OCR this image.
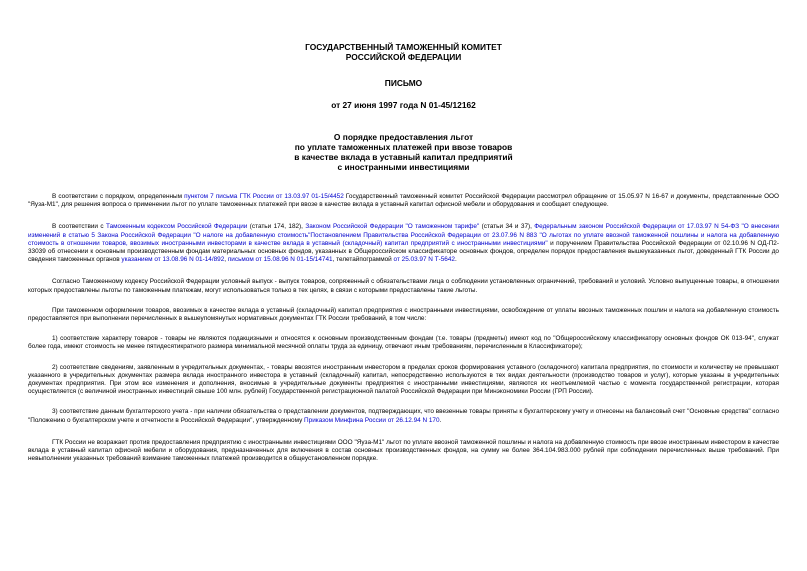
ГОСУДАРСТВЕННЫЙ ТАМОЖЕННЫЙ КОМИТЕТ
РОССИЙСКОЙ ФЕДЕРАЦИИ
ПИСЬМО
от 27 июня 1997 года N 01-45/12162
О порядке предоставления льгот
по уплате таможенных платежей при ввозе товаров
в качестве вклада в уставный капитал предприятий
с иностранными инвестициями

В соответствии с порядком, определенным пунктом 7 письма ГТК России от 13.03.97 01-15/4452 Государственный таможенный комитет Российской Федерации рассмотрел обращение от 15.05.97 N 16-67 и документы, представленные ООО "Яуза-М1", для решения вопроса о применении льгот по уплате таможенных платежей при ввозе в качестве вклада в уставный капитал офисной мебели и оборудования и сообщает следующее.

В соответствии с Таможенным кодексом Российской Федерации (статьи 174, 182), Законом Российской Федерации "О таможенном тарифе" (статьи 34 и 37), Федеральным законом Российской Федерации от 17.03.97 N 54-ФЗ "О внесении изменений в статью 5 Закона Российской Федерации "О налоге на добавленную стоимость"Постановлением Правительства Российской Федерации от 23.07.96 N 883 "О льготах по уплате ввозной таможенной пошлины и налога на добавленную стоимость в отношении товаров, ввозимых иностранными инвесторами в качестве вклада в уставный (складочный) капитал предприятий с иностранными инвестициями" и поручением Правительства Российской Федерации от 02.10.96 N ОД-П2-33039 об отнесении к основным производственным фондам материальных основных фондов, указанных в Общероссийском классификаторе основных фондов, определен порядок предоставления вышеуказанных льгот, доведенный ГТК России до сведения таможенных органов указанием от 13.08.96 N 01-14/892, письмом от 15.08.96 N 01-15/14741, телетайпограммой от 25.03.97 N Т-5642.

Согласно Таможенному кодексу Российской Федерации условный выпуск - выпуск товаров, сопряженный с обязательствами лица о соблюдении установленных ограничений, требований и условий. Условно выпущенные товары, в отношении которых предоставлены льготы по таможенным платежам, могут использоваться только в тех целях, в связи с которыми предоставлены такие льготы.

При таможенном оформлении товаров, ввозимых в качестве вклада в уставный (складочный) капитал предприятия с иностранными инвестициями, освобождение от уплаты ввозных таможенных пошлин и налога на добавленную стоимость предоставляется при выполнении перечисленных в вышеупомянутых нормативных документах ГТК России требований, в том числе:

1) соответствие характеру товаров - товары не являются подакцизными и относятся к основным производственным фондам (т.е. товары (предметы) имеют код по "Общероссийскому классификатору основных фондов ОК 013-94", служат более года, имеют стоимость не менее пятидесятикратного размера минимальной месячной оплаты труда за единицу, отвечают иным требованиям, перечисленным в Классификаторе);

2) соответствие сведениям, заявленным в учредительных документах, - товары ввозятся иностранным инвестором в пределах сроков формирования уставного (складочного) капитала предприятия, по стоимости и количеству не превышают указанного в учредительных документах размера вклада иностранного инвестора в уставный (складочный) капитал, непосредственно используются в тех видах деятельности (производство товаров и услуг), которые указаны в учредительных документах предприятия. При этом все изменения и дополнения, вносимые в учредительные документы предприятия с иностранными инвестициями, являются их неотъемлемой частью с момента государственной регистрации, которая осуществляется (с величиной иностранных инвестиций свыше 100 млн. рублей) Государственной регистрационной палатой Российской Федерации при Минэкономики России (ГРП России).

3) соответствие данным бухгалтерского учета - при наличии обязательства о представлении документов, подтверждающих, что ввезенные товары приняты к бухгалтерскому учету и отнесены на балансовый счет "Основные средства" согласно "Положению о бухгалтерском учете и отчетности в Российской Федерации", утвержденному Приказом Минфина России от 26.12.94 N 170.

ГТК России не возражает против предоставления предприятию с иностранными инвестициями ООО "Яуза-М1" льгот по уплате ввозной таможенной пошлины и налога на добавленную стоимость при ввозе иностранным инвестором в качестве вклада в уставный капитал офисной мебели и оборудования, предназначенных для включения в состав основных производственных фондов, на сумму не более 364.104.983.000 рублей при соблюдении перечисленных выше требований. При невыполнении указанных требований взимание таможенных платежей производится в общеустановленном порядке.
